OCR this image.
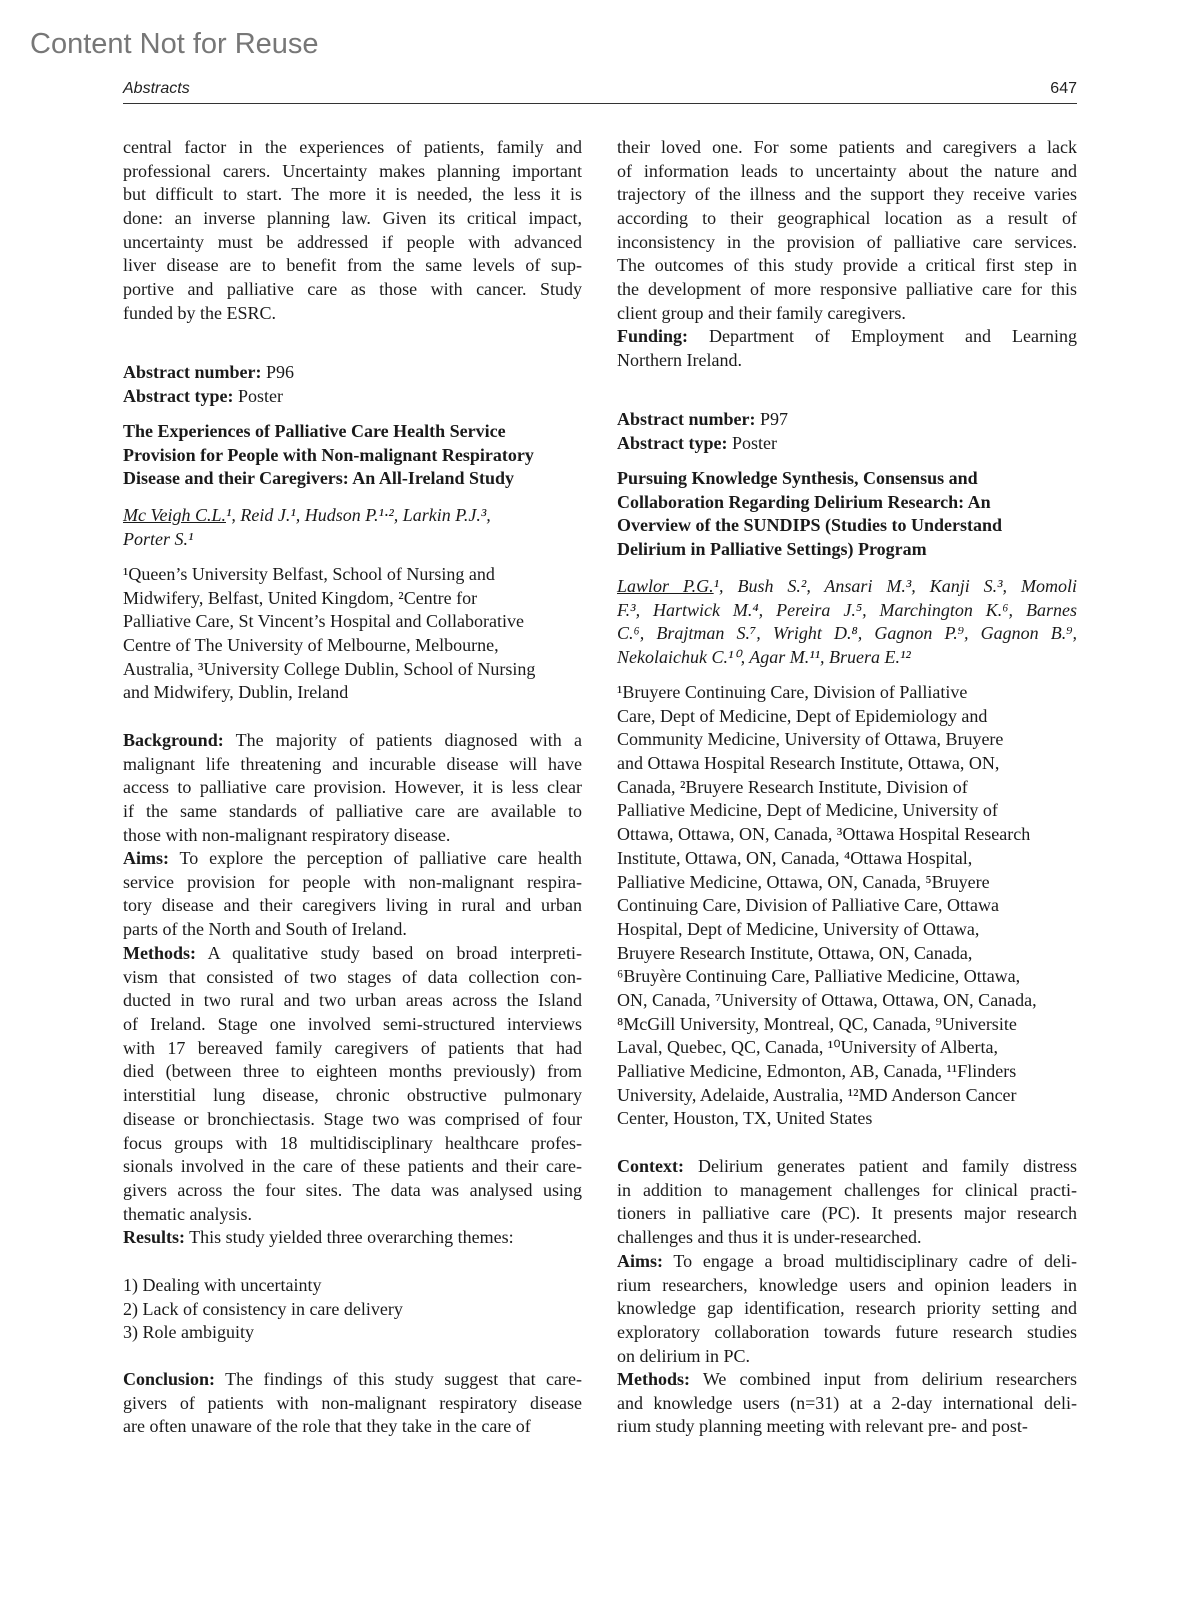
Content Not for Reuse
Abstracts	647
central factor in the experiences of patients, family and
professional carers. Uncertainty makes planning important
but difficult to start. The more it is needed, the less it is
done: an inverse planning law. Given its critical impact,
uncertainty must be addressed if people with advanced
liver disease are to benefit from the same levels of sup-
portive and palliative care as those with cancer. Study
funded by the ESRC.
Abstract number: P96
Abstract type: Poster
The Experiences of Palliative Care Health Service
Provision for People with Non-malignant Respiratory
Disease and their Caregivers: An All-Ireland Study
Mc Veigh C.L.¹, Reid J.¹, Hudson P.¹·², Larkin P.J.³,
Porter S.¹
¹Queen’s University Belfast, School of Nursing and
Midwifery, Belfast, United Kingdom, ²Centre for
Palliative Care, St Vincent’s Hospital and Collaborative
Centre of The University of Melbourne, Melbourne,
Australia, ³University College Dublin, School of Nursing
and Midwifery, Dublin, Ireland
Background: The majority of patients diagnosed with a
malignant life threatening and incurable disease will have
access to palliative care provision. However, it is less clear
if the same standards of palliative care are available to
those with non-malignant respiratory disease.
Aims: To explore the perception of palliative care health
service provision for people with non-malignant respira-
tory disease and their caregivers living in rural and urban
parts of the North and South of Ireland.
Methods: A qualitative study based on broad interpreti-
vism that consisted of two stages of data collection con-
ducted in two rural and two urban areas across the Island
of Ireland. Stage one involved semi-structured interviews
with 17 bereaved family caregivers of patients that had
died (between three to eighteen months previously) from
interstitial lung disease, chronic obstructive pulmonary
disease or bronchiectasis. Stage two was comprised of four
focus groups with 18 multidisciplinary healthcare profes-
sionals involved in the care of these patients and their care-
givers across the four sites. The data was analysed using
thematic analysis.
Results: This study yielded three overarching themes:
1) Dealing with uncertainty
2) Lack of consistency in care delivery
3) Role ambiguity
Conclusion: The findings of this study suggest that care-
givers of patients with non-malignant respiratory disease
are often unaware of the role that they take in the care of
their loved one. For some patients and caregivers a lack
of information leads to uncertainty about the nature and
trajectory of the illness and the support they receive varies
according to their geographical location as a result of
inconsistency in the provision of palliative care services.
The outcomes of this study provide a critical first step in
the development of more responsive palliative care for this
client group and their family caregivers.
Funding: Department of Employment and Learning
Northern Ireland.
Abstract number: P97
Abstract type: Poster
Pursuing Knowledge Synthesis, Consensus and
Collaboration Regarding Delirium Research: An
Overview of the SUNDIPS (Studies to Understand
Delirium in Palliative Settings) Program
Lawlor P.G.¹, Bush S.², Ansari M.³, Kanji S.³, Momoli
F.³, Hartwick M.⁴, Pereira J.⁵, Marchington K.⁶, Barnes
C.⁶, Brajtman S.⁷, Wright D.⁸, Gagnon P.⁹, Gagnon B.⁹,
Nekolaichuk C.¹⁰, Agar M.¹¹, Bruera E.¹²
¹Bruyere Continuing Care, Division of Palliative
Care, Dept of Medicine, Dept of Epidemiology and
Community Medicine, University of Ottawa, Bruyere
and Ottawa Hospital Research Institute, Ottawa, ON,
Canada, ²Bruyere Research Institute, Division of
Palliative Medicine, Dept of Medicine, University of
Ottawa, Ottawa, ON, Canada, ³Ottawa Hospital Research
Institute, Ottawa, ON, Canada, ⁴Ottawa Hospital,
Palliative Medicine, Ottawa, ON, Canada, ⁵Bruyere
Continuing Care, Division of Palliative Care, Ottawa
Hospital, Dept of Medicine, University of Ottawa,
Bruyere Research Institute, Ottawa, ON, Canada,
⁶Bruyère Continuing Care, Palliative Medicine, Ottawa,
ON, Canada, ⁷University of Ottawa, Ottawa, ON, Canada,
⁸McGill University, Montreal, QC, Canada, ⁹Universite
Laval, Quebec, QC, Canada, ¹⁰University of Alberta,
Palliative Medicine, Edmonton, AB, Canada, ¹¹Flinders
University, Adelaide, Australia, ¹²MD Anderson Cancer
Center, Houston, TX, United States
Context: Delirium generates patient and family distress
in addition to management challenges for clinical practi-
tioners in palliative care (PC). It presents major research
challenges and thus it is under-researched.
Aims: To engage a broad multidisciplinary cadre of deli-
rium researchers, knowledge users and opinion leaders in
knowledge gap identification, research priority setting and
exploratory collaboration towards future research studies
on delirium in PC.
Methods: We combined input from delirium researchers
and knowledge users (n=31) at a 2-day international deli-
rium study planning meeting with relevant pre- and post-
